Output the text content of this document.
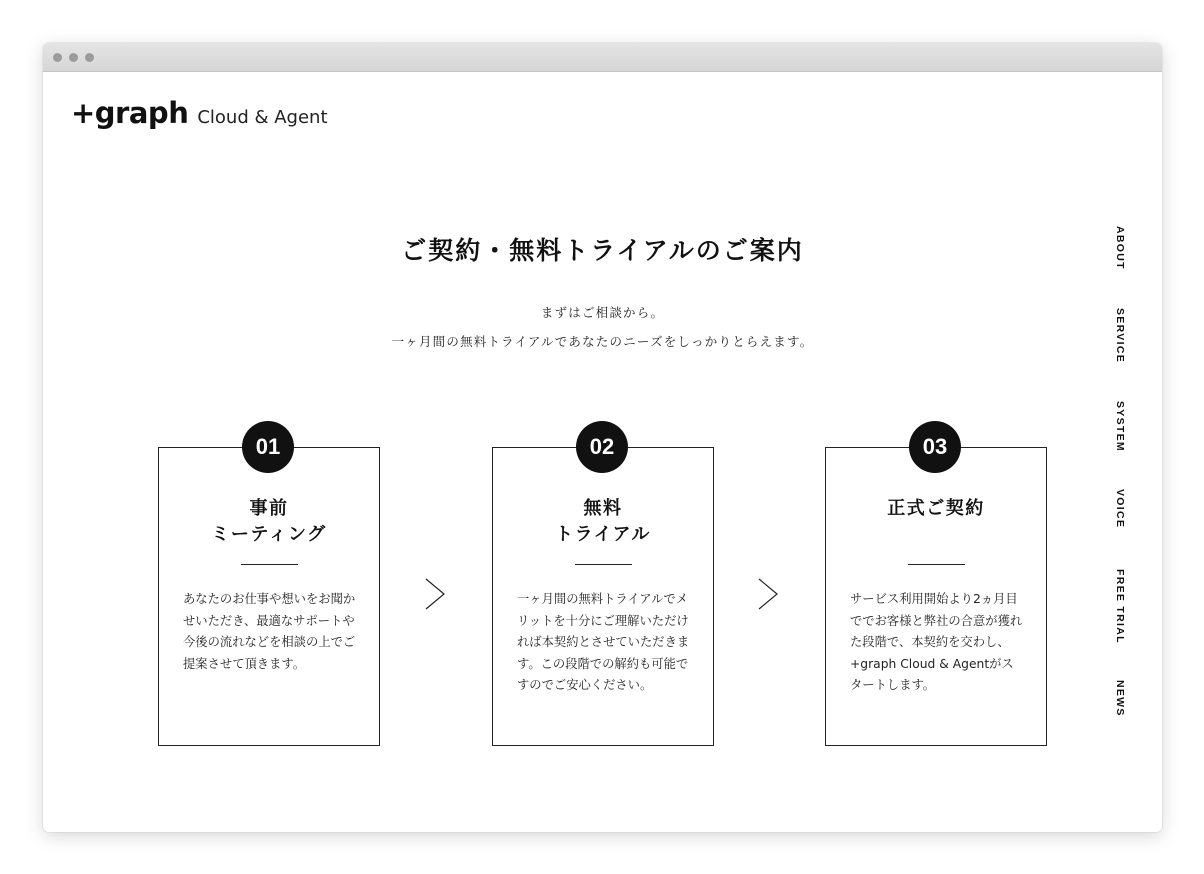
+graph Cloud & Agent
ご契約・無料トライアルのご案内

まずはご相談から。

一ヶ月間の無料トライアルであなたのニーズをしっかりとらえます。

01
事前
ミーティング

あなたのお仕事や想いをお聞かせいただき、最適なサポートや今後の流れなどを相談の上でご提案させて頂きます。

02
無料
トライアル

一ヶ月間の無料トライアルでメリットを十分にご理解いただければ本契約とさせていただきます。この段階での解約も可能ですのでご安心ください。

03
正式ご契約

サービス利用開始より2ヵ月目ででお客様と弊社の合意が獲れた段階で、本契約を交わし、+graph Cloud & Agentがスタートします。

ABOUT
SERVICE
SYSTEM
VOICE
FREE TRIAL
NEWS
